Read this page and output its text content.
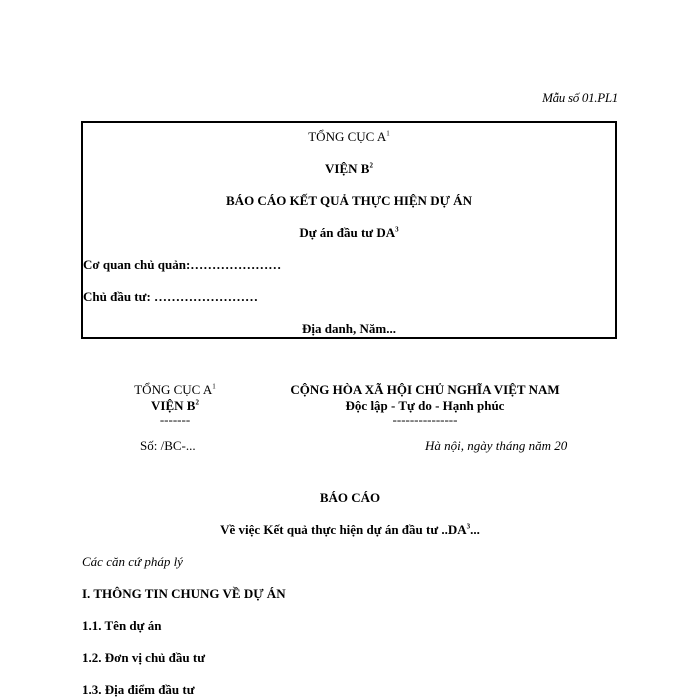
Mẫu số 01.PL1
TỔNG CỤC $A^1$
VIỆN $B^2$
BÁO CÁO KẾT QUẢ THỰC HIỆN DỰ ÁN
Dự án đầu tư $DA^3$
Cơ quan chủ quản:…………………
Chủ đầu tư: ……………………
Địa danh, Năm...
TỔNG CỤC $A^1$
VIỆN $B^2$
-------
Số: /BC-...
CỘNG HÒA XÃ HỘI CHỦ NGHĨA VIỆT NAM
Độc lập - Tự do - Hạnh phúc
---------------
Hà nội, ngày tháng năm 20
BÁO CÁO
Về việc Kết quả thực hiện dự án đầu tư $..DA^3$...
Các căn cứ pháp lý
I. THÔNG TIN CHUNG VỀ DỰ ÁN
1.1. Tên dự án
1.2. Đơn vị chủ đầu tư
1.3. Địa điểm đầu tư
